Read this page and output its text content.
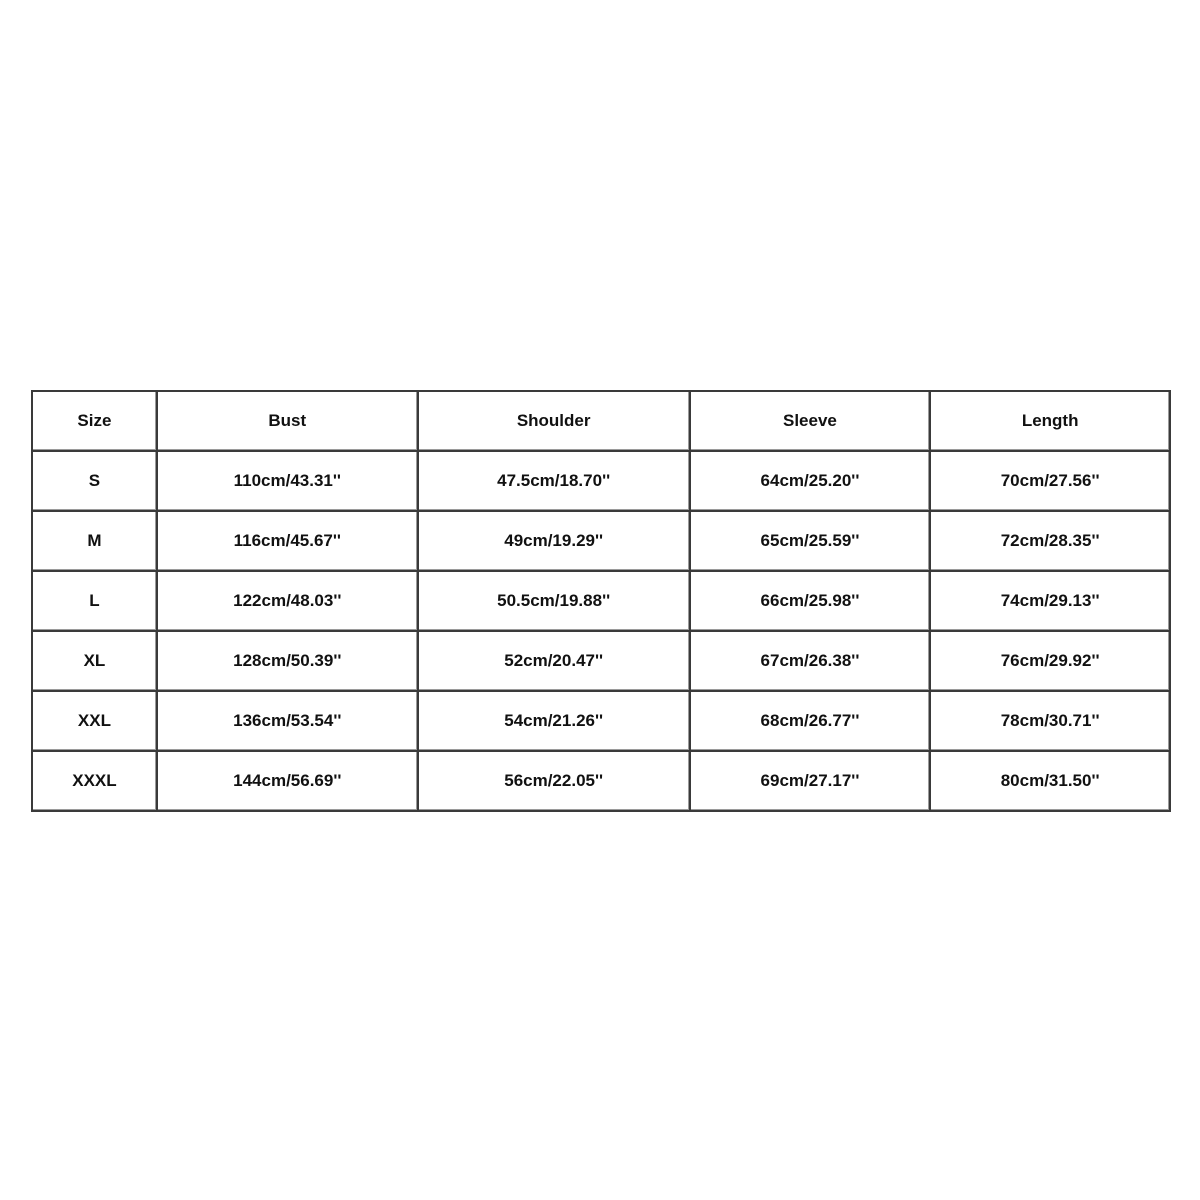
Size	Bust	Shoulder	Sleeve	Length
S	110cm/43.31''	47.5cm/18.70''	64cm/25.20''	70cm/27.56''
M	116cm/45.67''	49cm/19.29''	65cm/25.59''	72cm/28.35''
L	122cm/48.03''	50.5cm/19.88''	66cm/25.98''	74cm/29.13''
XL	128cm/50.39''	52cm/20.47''	67cm/26.38''	76cm/29.92''
XXL	136cm/53.54''	54cm/21.26''	68cm/26.77''	78cm/30.71''
XXXL	144cm/56.69''	56cm/22.05''	69cm/27.17''	80cm/31.50''
